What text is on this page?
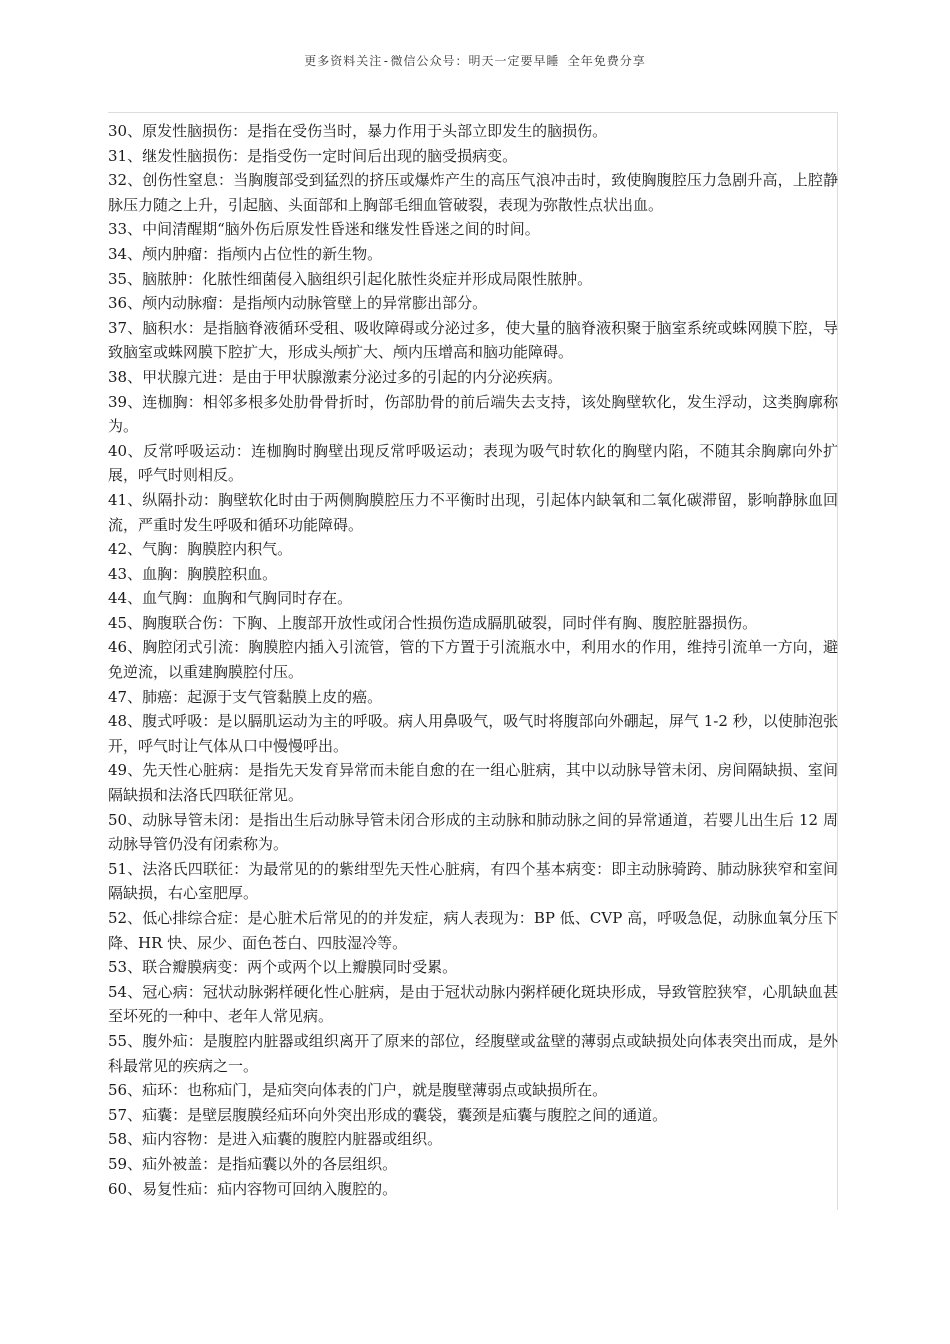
更多资料关注-微信公众号：明天一定要早睡 全年免费分享
30、原发性脑损伤：是指在受伤当时，暴力作用于头部立即发生的脑损伤。
31、继发性脑损伤：是指受伤一定时间后出现的脑受损病变。
32、创伤性窒息：当胸腹部受到猛烈的挤压或爆炸产生的高压气浪冲击时，致使胸腹腔压力急剧升高，上腔静脉压力随之上升，引起脑、头面部和上胸部毛细血管破裂，表现为弥散性点状出血。
33、中间清醒期“脑外伤后原发性昏迷和继发性昏迷之间的时间。
34、颅内肿瘤：指颅内占位性的新生物。
35、脑脓肿：化脓性细菌侵入脑组织引起化脓性炎症并形成局限性脓肿。
36、颅内动脉瘤：是指颅内动脉管壁上的异常膨出部分。
37、脑积水：是指脑脊液循环受租、吸收障碍或分泌过多，使大量的脑脊液积聚于脑室系统或蛛网膜下腔，导致脑室或蛛网膜下腔扩大，形成头颅扩大、颅内压增高和脑功能障碍。
38、甲状腺亢进：是由于甲状腺激素分泌过多的引起的内分泌疾病。
39、连枷胸：相邻多根多处肋骨骨折时，伤部肋骨的前后端失去支持，该处胸壁软化，发生浮动，这类胸廓称为。
40、反常呼吸运动：连枷胸时胸壁出现反常呼吸运动；表现为吸气时软化的胸壁内陷，不随其余胸廓向外扩展，呼气时则相反。
41、纵隔扑动：胸壁软化时由于两侧胸膜腔压力不平衡时出现，引起体内缺氧和二氧化碳滞留，影响静脉血回流，严重时发生呼吸和循环功能障碍。
42、气胸：胸膜腔内积气。
43、血胸：胸膜腔积血。
44、血气胸：血胸和气胸同时存在。
45、胸腹联合伤：下胸、上腹部开放性或闭合性损伤造成膈肌破裂，同时伴有胸、腹腔脏器损伤。
46、胸腔闭式引流：胸膜腔内插入引流管，管的下方置于引流瓶水中，利用水的作用，维持引流单一方向，避免逆流，以重建胸膜腔付压。
47、肺癌：起源于支气管黏膜上皮的癌。
48、腹式呼吸：是以膈肌运动为主的呼吸。病人用鼻吸气，吸气时将腹部向外硼起，屏气 1-2 秒，以使肺泡张开，呼气时让气体从口中慢慢呼出。
49、先天性心脏病：是指先天发育异常而未能自愈的在一组心脏病，其中以动脉导管未闭、房间隔缺损、室间隔缺损和法洛氏四联征常见。
50、动脉导管未闭：是指出生后动脉导管未闭合形成的主动脉和肺动脉之间的异常通道，若婴儿出生后 12 周动脉导管仍没有闭索称为。
51、法洛氏四联征：为最常见的的紫绀型先天性心脏病，有四个基本病变：即主动脉骑跨、肺动脉狭窄和室间隔缺损，右心室肥厚。
52、低心排综合症：是心脏术后常见的的并发症，病人表现为：BP 低、CVP 高，呼吸急促，动脉血氧分压下降、HR 快、尿少、面色苍白、四肢湿冷等。
53、联合瓣膜病变：两个或两个以上瓣膜同时受累。
54、冠心病：冠状动脉粥样硬化性心脏病，是由于冠状动脉内粥样硬化斑块形成，导致管腔狭窄，心肌缺血甚至坏死的一种中、老年人常见病。
55、腹外疝：是腹腔内脏器或组织离开了原来的部位，经腹壁或盆壁的薄弱点或缺损处向体表突出而成，是外科最常见的疾病之一。
56、疝环：也称疝门，是疝突向体表的门户，就是腹壁薄弱点或缺损所在。
57、疝囊：是壁层腹膜经疝环向外突出形成的囊袋，囊颈是疝囊与腹腔之间的通道。
58、疝内容物：是进入疝囊的腹腔内脏器或组织。
59、疝外被盖：是指疝囊以外的各层组织。
60、易复性疝：疝内容物可回纳入腹腔的。
